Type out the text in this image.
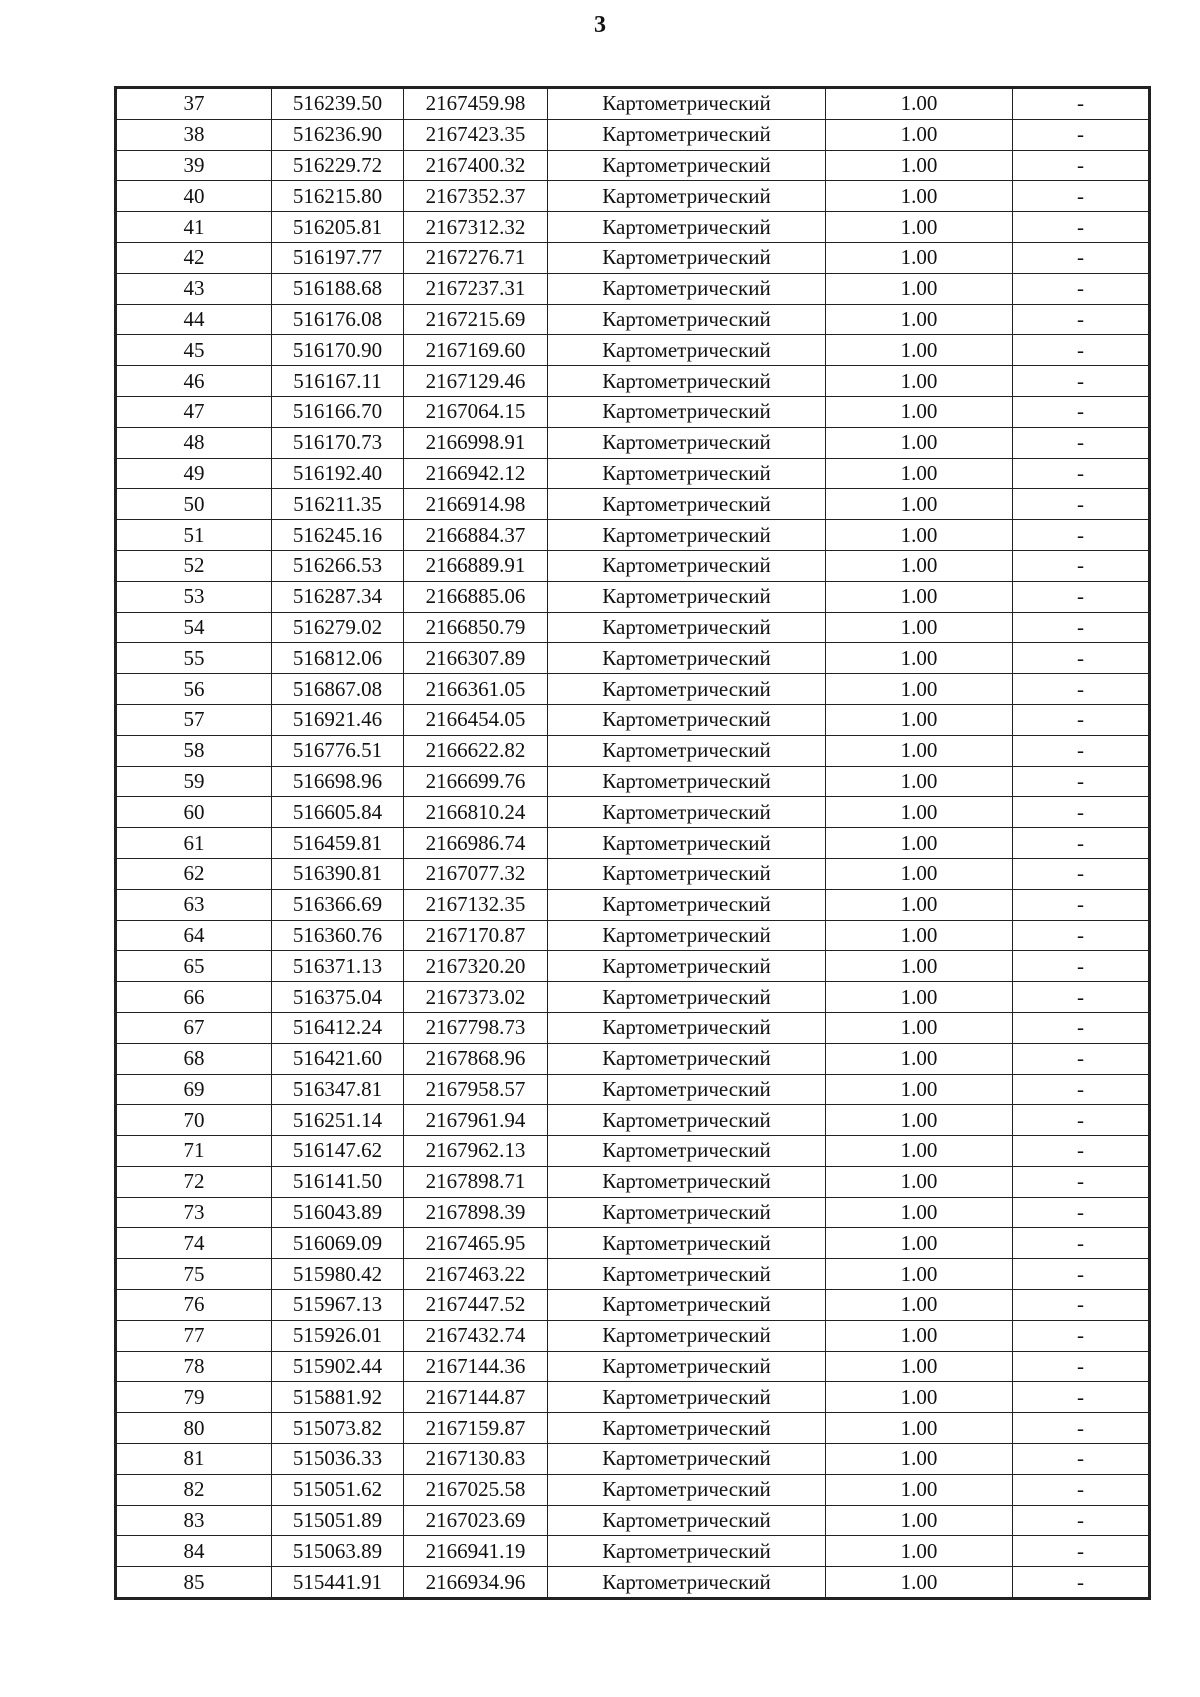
3
37	516239.50	2167459.98	Картометрический	1.00	-
38	516236.90	2167423.35	Картометрический	1.00	-
39	516229.72	2167400.32	Картометрический	1.00	-
40	516215.80	2167352.37	Картометрический	1.00	-
41	516205.81	2167312.32	Картометрический	1.00	-
42	516197.77	2167276.71	Картометрический	1.00	-
43	516188.68	2167237.31	Картометрический	1.00	-
44	516176.08	2167215.69	Картометрический	1.00	-
45	516170.90	2167169.60	Картометрический	1.00	-
46	516167.11	2167129.46	Картометрический	1.00	-
47	516166.70	2167064.15	Картометрический	1.00	-
48	516170.73	2166998.91	Картометрический	1.00	-
49	516192.40	2166942.12	Картометрический	1.00	-
50	516211.35	2166914.98	Картометрический	1.00	-
51	516245.16	2166884.37	Картометрический	1.00	-
52	516266.53	2166889.91	Картометрический	1.00	-
53	516287.34	2166885.06	Картометрический	1.00	-
54	516279.02	2166850.79	Картометрический	1.00	-
55	516812.06	2166307.89	Картометрический	1.00	-
56	516867.08	2166361.05	Картометрический	1.00	-
57	516921.46	2166454.05	Картометрический	1.00	-
58	516776.51	2166622.82	Картометрический	1.00	-
59	516698.96	2166699.76	Картометрический	1.00	-
60	516605.84	2166810.24	Картометрический	1.00	-
61	516459.81	2166986.74	Картометрический	1.00	-
62	516390.81	2167077.32	Картометрический	1.00	-
63	516366.69	2167132.35	Картометрический	1.00	-
64	516360.76	2167170.87	Картометрический	1.00	-
65	516371.13	2167320.20	Картометрический	1.00	-
66	516375.04	2167373.02	Картометрический	1.00	-
67	516412.24	2167798.73	Картометрический	1.00	-
68	516421.60	2167868.96	Картометрический	1.00	-
69	516347.81	2167958.57	Картометрический	1.00	-
70	516251.14	2167961.94	Картометрический	1.00	-
71	516147.62	2167962.13	Картометрический	1.00	-
72	516141.50	2167898.71	Картометрический	1.00	-
73	516043.89	2167898.39	Картометрический	1.00	-
74	516069.09	2167465.95	Картометрический	1.00	-
75	515980.42	2167463.22	Картометрический	1.00	-
76	515967.13	2167447.52	Картометрический	1.00	-
77	515926.01	2167432.74	Картометрический	1.00	-
78	515902.44	2167144.36	Картометрический	1.00	-
79	515881.92	2167144.87	Картометрический	1.00	-
80	515073.82	2167159.87	Картометрический	1.00	-
81	515036.33	2167130.83	Картометрический	1.00	-
82	515051.62	2167025.58	Картометрический	1.00	-
83	515051.89	2167023.69	Картометрический	1.00	-
84	515063.89	2166941.19	Картометрический	1.00	-
85	515441.91	2166934.96	Картометрический	1.00	-
